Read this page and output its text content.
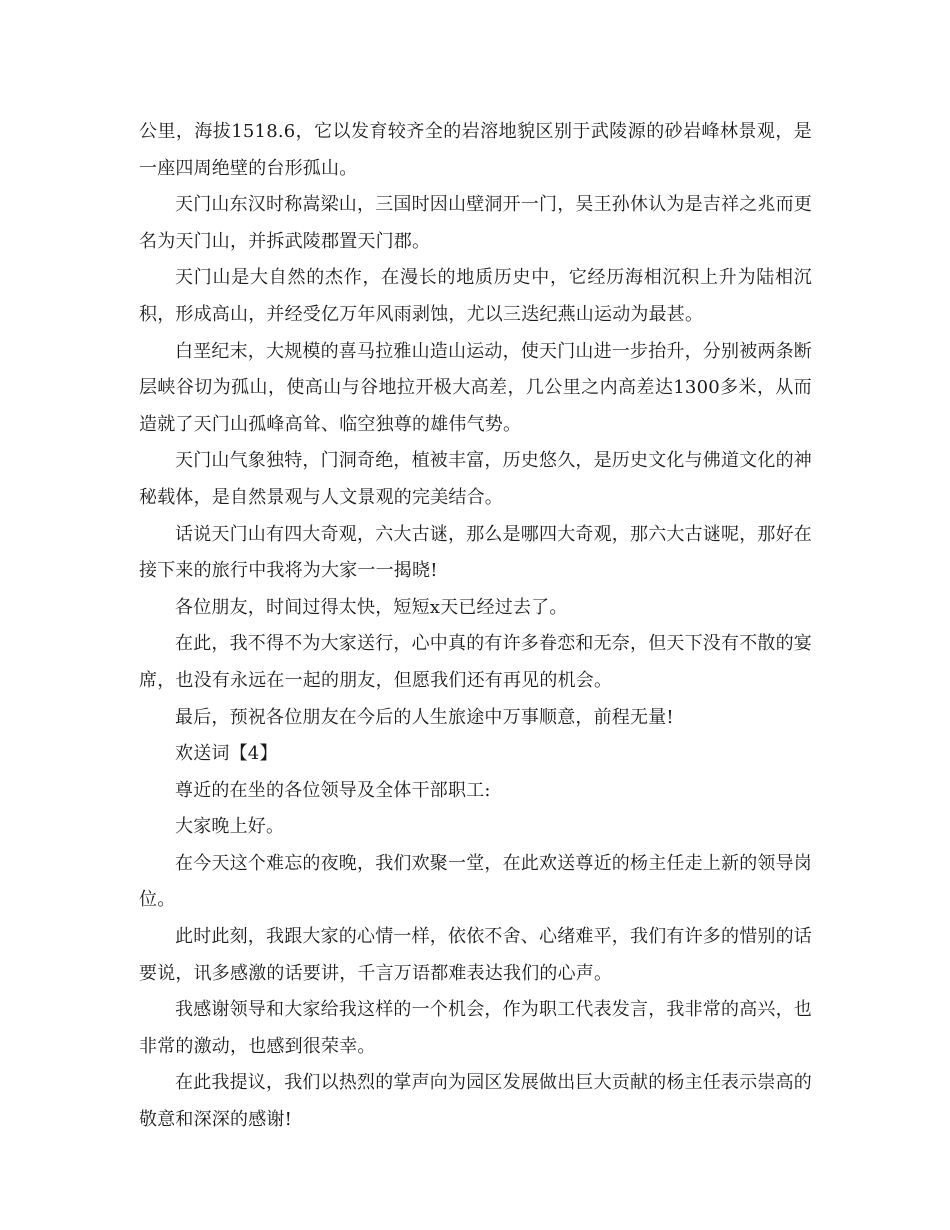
公里，海拔1518.6，它以发育较齐全的岩溶地貌区别于武陵源的砂岩峰林景观，是一座四周绝壁的台形孤山。

天门山东汉时称嵩梁山，三国时因山壁洞开一门，吴王孙休认为是吉祥之兆而更名为天门山，并拆武陵郡置天门郡。

天门山是大自然的杰作，在漫长的地质历史中，它经历海相沉积上升为陆相沉积，形成高山，并经受亿万年风雨剥蚀，尤以三迭纪燕山运动为最甚。

白垩纪末，大规模的喜马拉雅山造山运动，使天门山进一步抬升，分别被两条断层峡谷切为孤山，使高山与谷地拉开极大高差，几公里之内高差达1300多米，从而造就了天门山孤峰高耸、临空独尊的雄伟气势。

天门山气象独特，门洞奇绝，植被丰富，历史悠久，是历史文化与佛道文化的神秘载体，是自然景观与人文景观的完美结合。

话说天门山有四大奇观，六大古谜，那么是哪四大奇观，那六大古谜呢，那好在接下来的旅行中我将为大家一一揭晓!

各位朋友，时间过得太快，短短x天已经过去了。

在此，我不得不为大家送行，心中真的有许多眷恋和无奈，但天下没有不散的宴席，也没有永远在一起的朋友，但愿我们还有再见的机会。

最后，预祝各位朋友在今后的人生旅途中万事顺意，前程无量!

欢送词【4】

尊近的在坐的各位领导及全体干部职工:

大家晚上好。

在今天这个难忘的夜晚，我们欢聚一堂，在此欢送尊近的杨主任走上新的领导岗位。

此时此刻，我跟大家的心情一样，依依不舍、心绪难平，我们有许多的惜别的话要说，讯多感激的话要讲，千言万语都难表达我们的心声。

我感谢领导和大家给我这样的一个机会，作为职工代表发言，我非常的高兴，也非常的激动，也感到很荣幸。

在此我提议，我们以热烈的掌声向为园区发展做出巨大贡献的杨主任表示崇高的敬意和深深的感谢!
